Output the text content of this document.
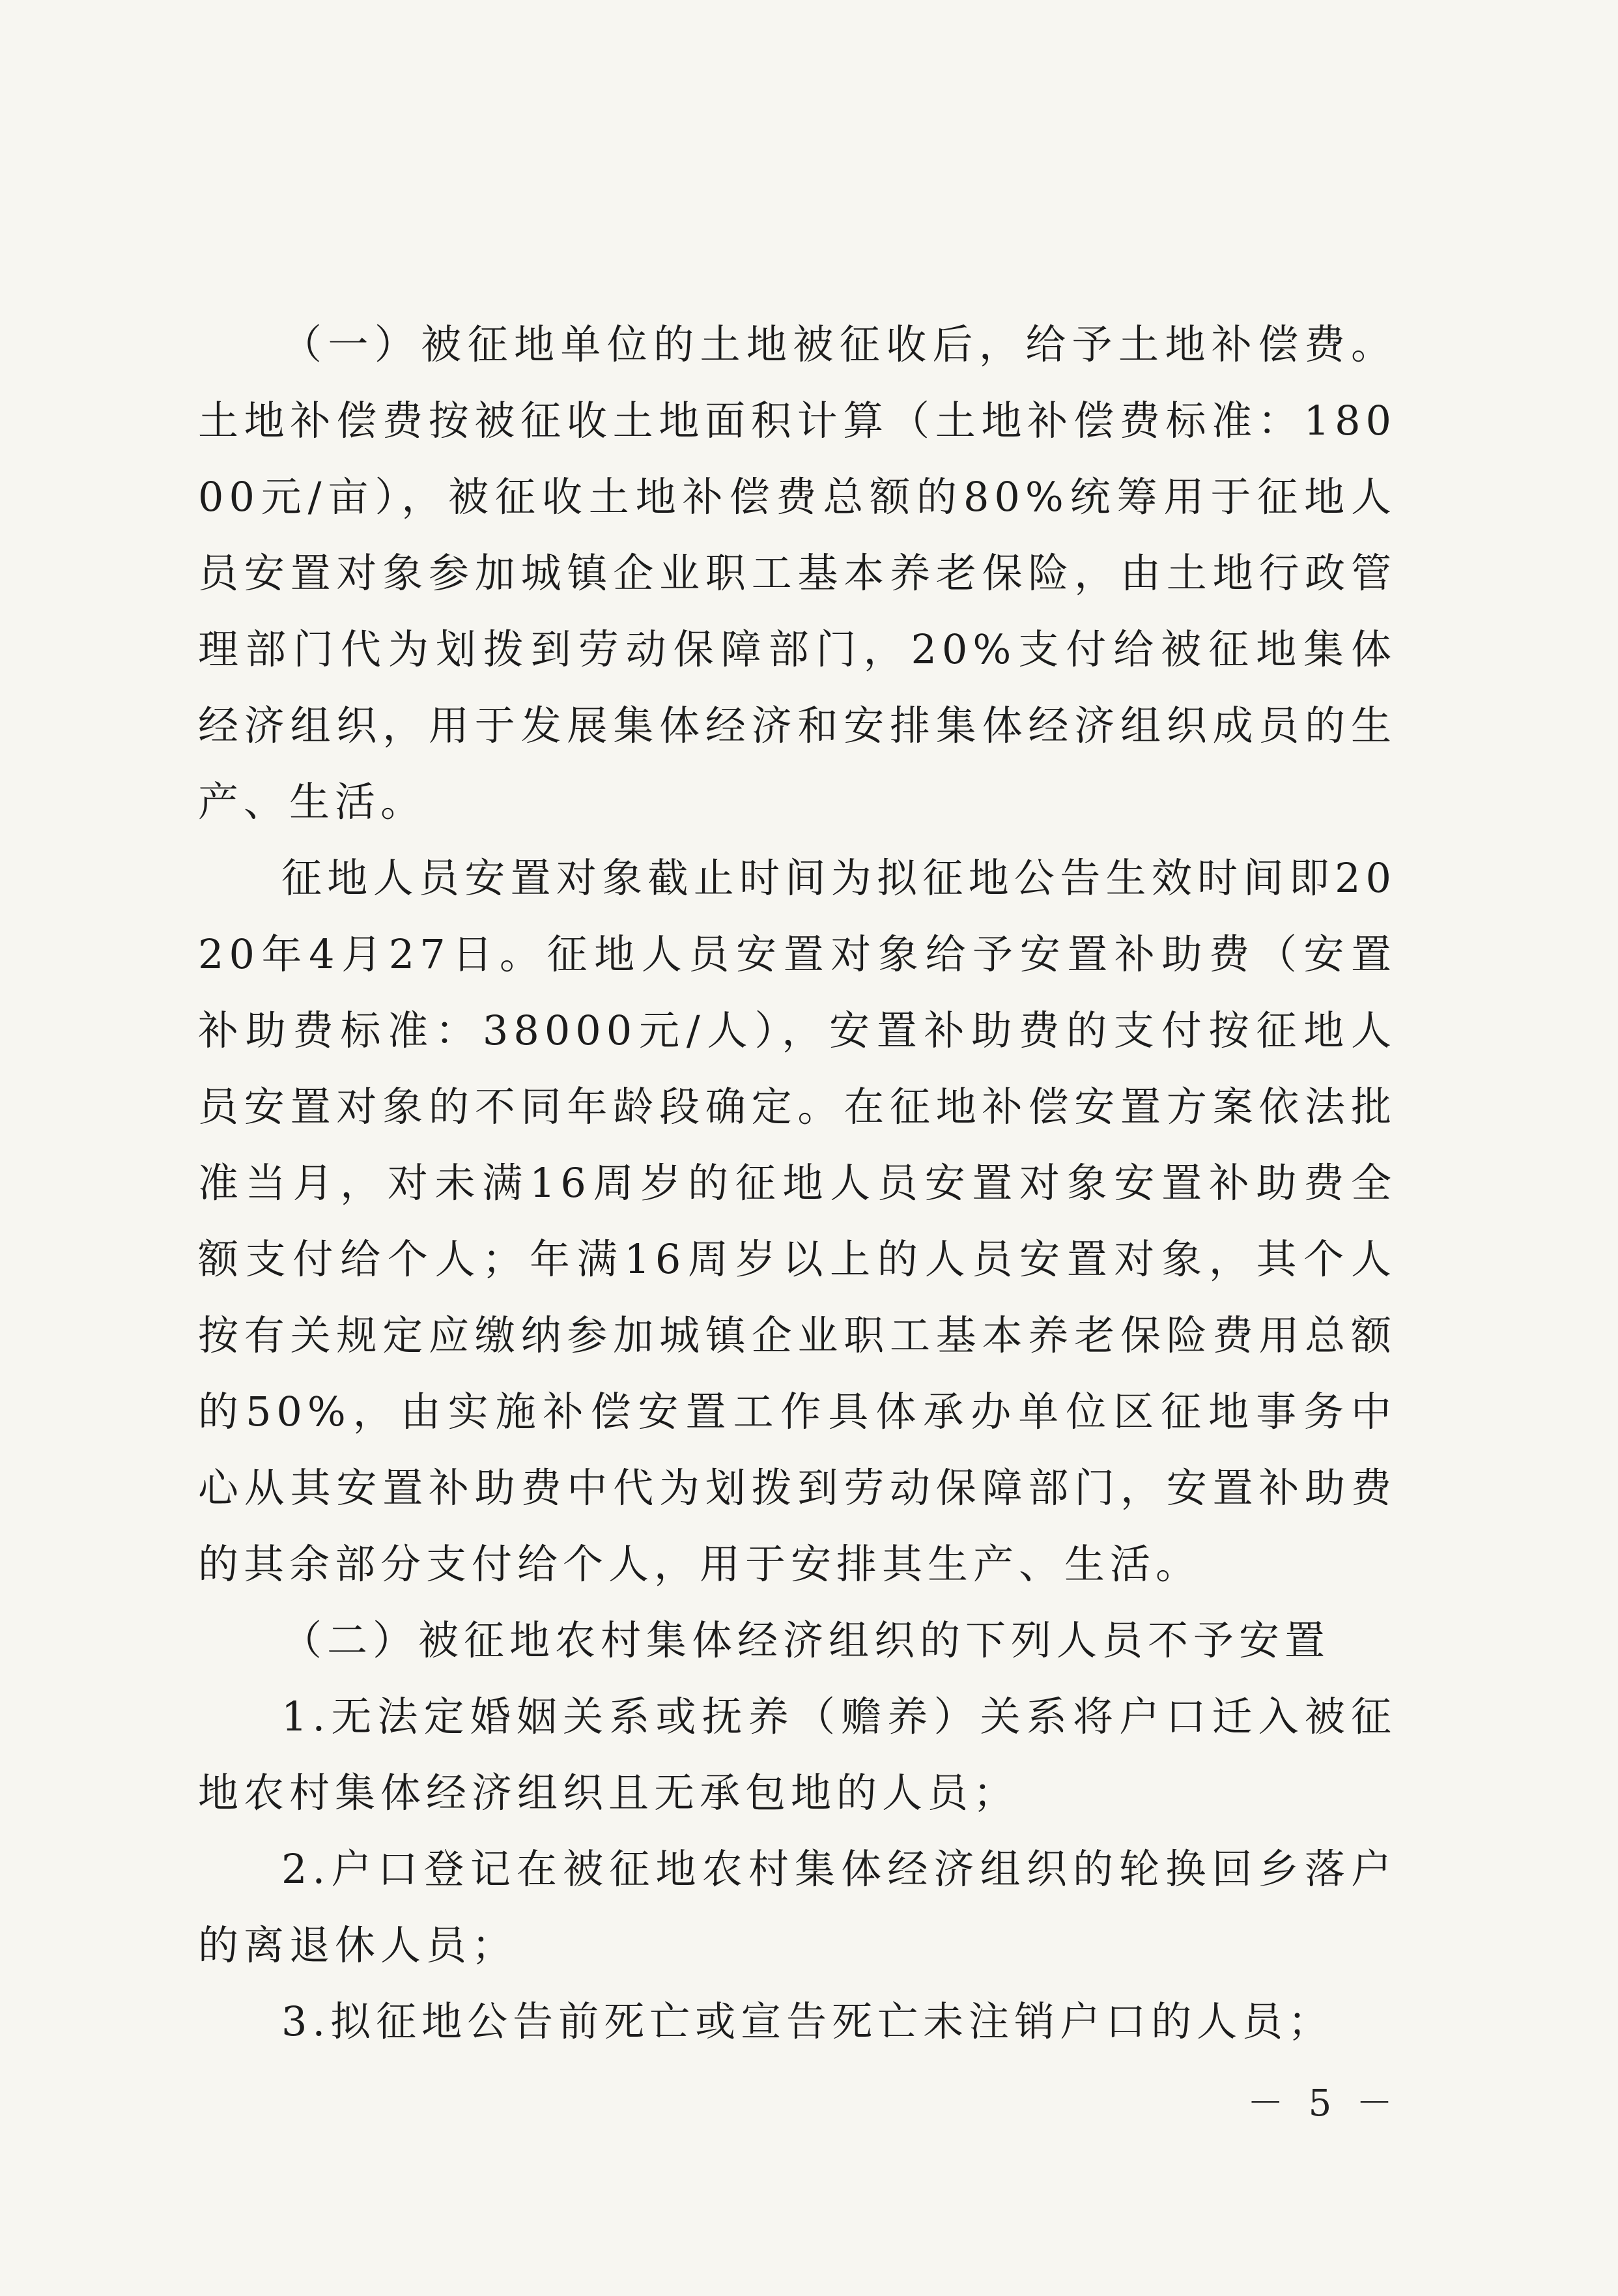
（一）被征地单位的土地被征收后，给予土地补偿费。土地补偿费按被征收土地面积计算（土地补偿费标准：18000元/亩），被征收土地补偿费总额的80%统筹用于征地人员安置对象参加城镇企业职工基本养老保险，由土地行政管理部门代为划拨到劳动保障部门，20%支付给被征地集体经济组织，用于发展集体经济和安排集体经济组织成员的生产、生活。

征地人员安置对象截止时间为拟征地公告生效时间即2020年4月27日。征地人员安置对象给予安置补助费（安置补助费标准：38000元/人），安置补助费的支付按征地人员安置对象的不同年龄段确定。在征地补偿安置方案依法批准当月，对未满16周岁的征地人员安置对象安置补助费全额支付给个人；年满16周岁以上的人员安置对象，其个人按有关规定应缴纳参加城镇企业职工基本养老保险费用总额的50%，由实施补偿安置工作具体承办单位区征地事务中心从其安置补助费中代为划拨到劳动保障部门，安置补助费的其余部分支付给个人，用于安排其生产、生活。

（二）被征地农村集体经济组织的下列人员不予安置

1.无法定婚姻关系或抚养（赡养）关系将户口迁入被征地农村集体经济组织且无承包地的人员；

2.户口登记在被征地农村集体经济组织的轮换回乡落户的离退休人员；

3.拟征地公告前死亡或宣告死亡未注销户口的人员；

－ 5 －
